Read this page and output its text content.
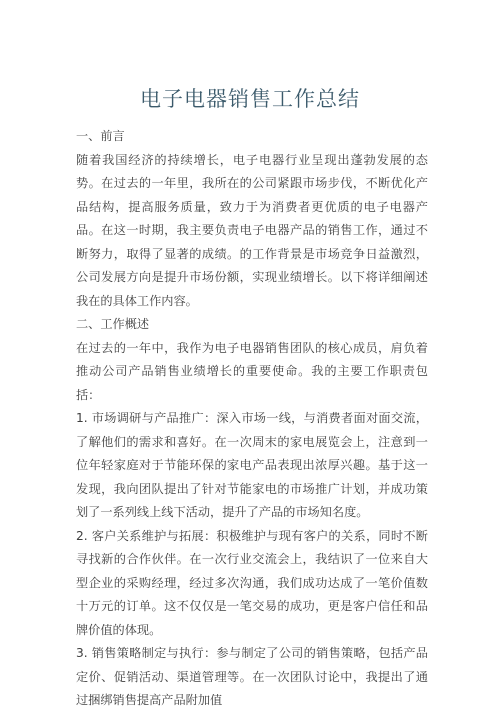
电子电器销售工作总结

一、前言

随着我国经济的持续增长，电子电器行业呈现出蓬勃发展的态势。在过去的一年里，我所在的公司紧跟市场步伐，不断优化产品结构，提高服务质量，致力于为消费者更优质的电子电器产品。在这一时期，我主要负责电子电器产品的销售工作，通过不断努力，取得了显著的成绩。的工作背景是市场竞争日益激烈，公司发展方向是提升市场份额，实现业绩增长。以下将详细阐述我在的具体工作内容。

二、工作概述

在过去的一年中，我作为电子电器销售团队的核心成员，肩负着推动公司产品销售业绩增长的重要使命。我的主要工作职责包括：

1. 市场调研与产品推广：深入市场一线，与消费者面对面交流，了解他们的需求和喜好。在一次周末的家电展览会上，注意到一位年轻家庭对于节能环保的家电产品表现出浓厚兴趣。基于这一发现，我向团队提出了针对节能家电的市场推广计划，并成功策划了一系列线上线下活动，提升了产品的市场知名度。

2. 客户关系维护与拓展：积极维护与现有客户的关系，同时不断寻找新的合作伙伴。在一次行业交流会上，我结识了一位来自大型企业的采购经理，经过多次沟通，我们成功达成了一笔价值数十万元的订单。这不仅仅是一笔交易的成功，更是客户信任和品牌价值的体现。

3. 销售策略制定与执行：参与制定了公司的销售策略，包括产品定价、促销活动、渠道管理等。在一次团队讨论中，我提出了通过捆绑销售提高产品附加值
